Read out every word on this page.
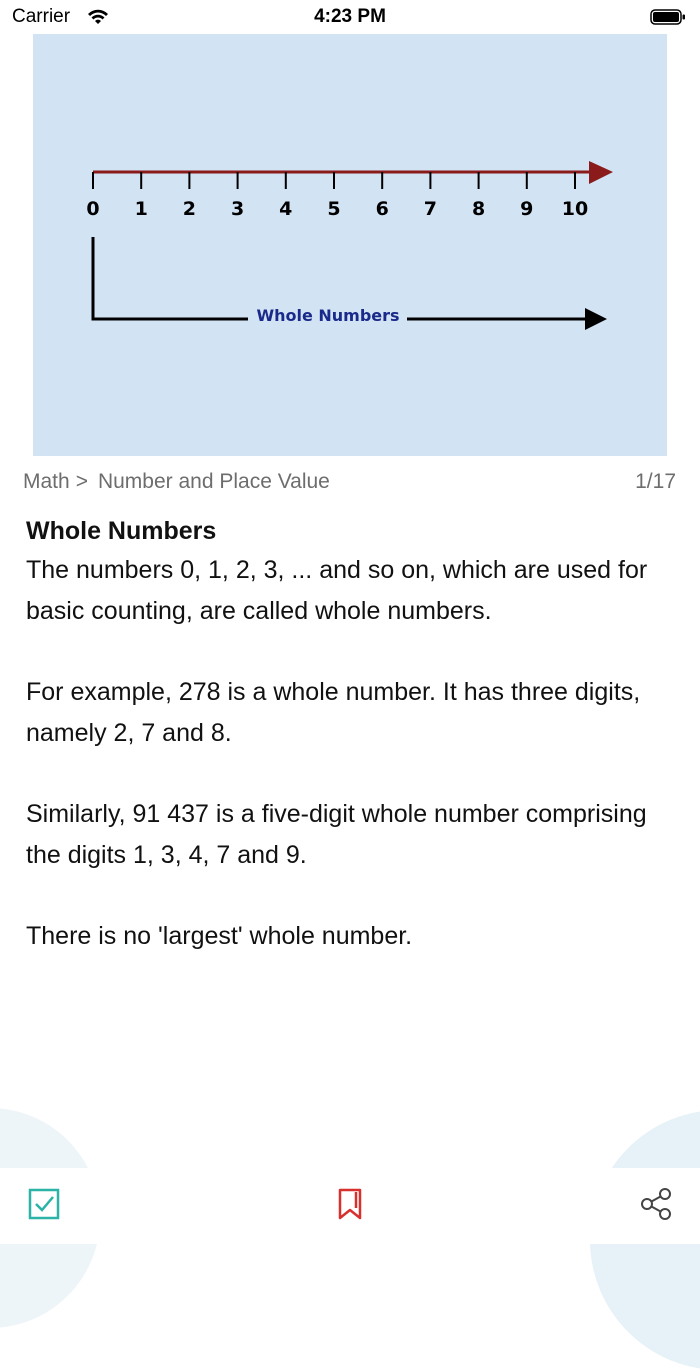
Carrier	4:23 PM
0 1 2 3 4 5 6 7 8 9 10
Whole Numbers
Math > Number and Place Value	1/17
Whole Numbers

The numbers 0, 1, 2, 3, ... and so on, which are used for basic counting, are called whole numbers.

For example, 278 is a whole number. It has three digits, namely 2, 7 and 8.

Similarly, 91 437 is a five-digit whole number comprising the digits 1, 3, 4, 7 and 9.

There is no 'largest' whole number.
